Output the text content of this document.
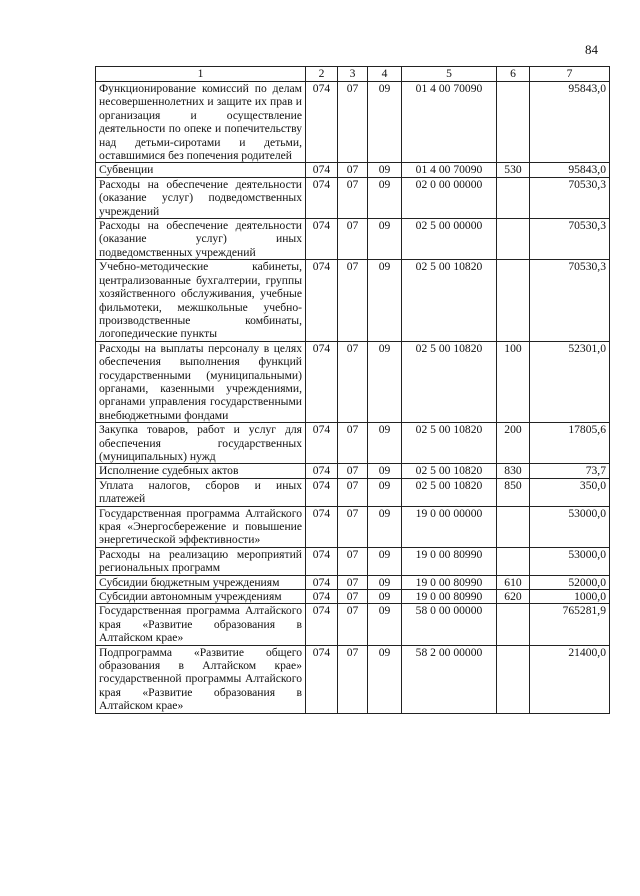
84
1	2	3	4	5	6	7
Функционирование комиссий по делам несовершеннолетних и защите их прав и организация и осуществление деятельности по опеке и попечительству над детьми-сиротами и детьми, оставшимися без попечения родителей	074	07	09	01 4 00 70090		95843,0
Субвенции	074	07	09	01 4 00 70090	530	95843,0
Расходы на обеспечение деятельности (оказание услуг) подведомственных учреждений	074	07	09	02 0 00 00000		70530,3
Расходы на обеспечение деятельности (оказание услуг) иных подведомственных учреждений	074	07	09	02 5 00 00000		70530,3
Учебно-методические кабинеты, централизованные бухгалтерии, группы хозяйственного обслуживания, учебные фильмотеки, межшкольные учебно-производственные комбинаты, логопедические пункты	074	07	09	02 5 00 10820		70530,3
Расходы на выплаты персоналу в целях обеспечения выполнения функций государственными (муниципальными) органами, казенными учреждениями, органами управления государственными внебюджетными фондами	074	07	09	02 5 00 10820	100	52301,0
Закупка товаров, работ и услуг для обеспечения государственных (муниципальных) нужд	074	07	09	02 5 00 10820	200	17805,6
Исполнение судебных актов	074	07	09	02 5 00 10820	830	73,7
Уплата налогов, сборов и иных платежей	074	07	09	02 5 00 10820	850	350,0
Государственная программа Алтайского края «Энергосбережение и повышение энергетической эффективности»	074	07	09	19 0 00 00000		53000,0
Расходы на реализацию мероприятий региональных программ	074	07	09	19 0 00 80990		53000,0
Субсидии бюджетным учреждениям	074	07	09	19 0 00 80990	610	52000,0
Субсидии автономным учреждениям	074	07	09	19 0 00 80990	620	1000,0
Государственная программа Алтайского края «Развитие образования в Алтайском крае»	074	07	09	58 0 00 00000		765281,9
Подпрограмма «Развитие общего образования в Алтайском крае» государственной программы Алтайского края «Развитие образования в Алтайском крае»	074	07	09	58 2 00 00000		21400,0
